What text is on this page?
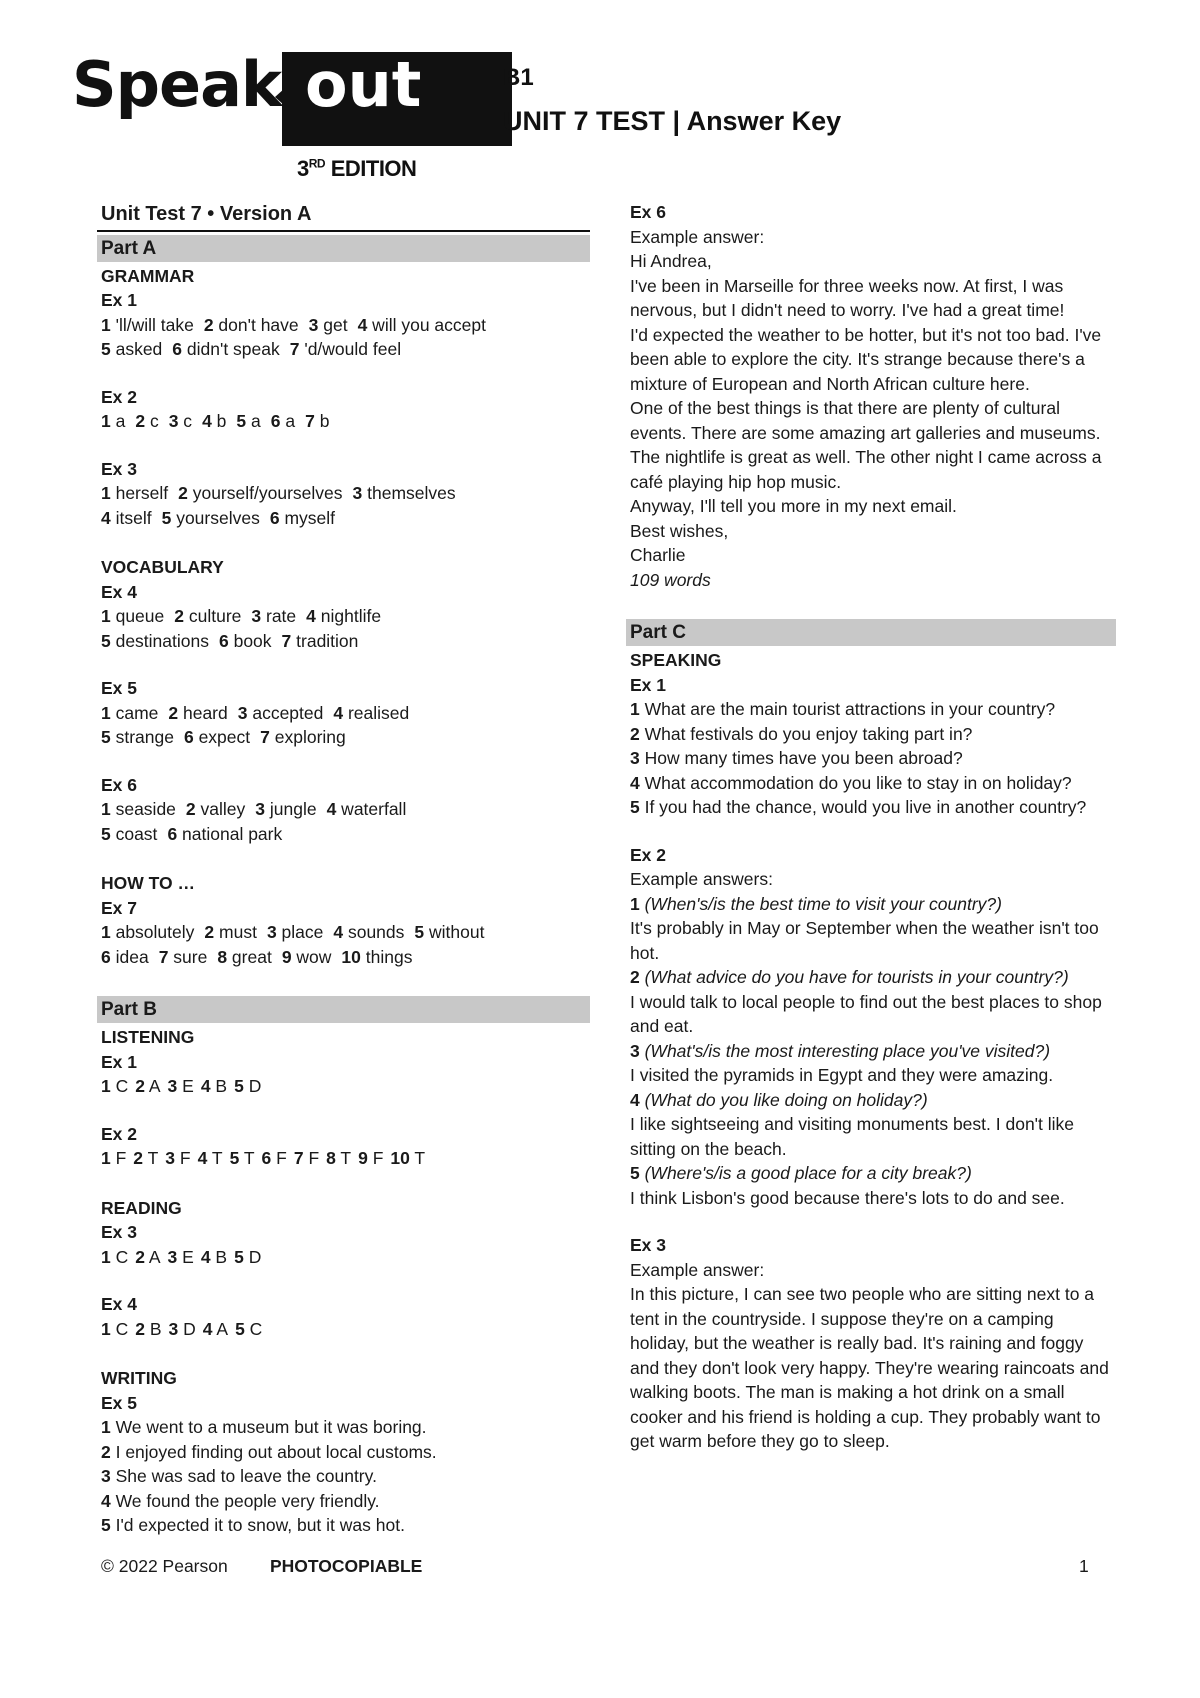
Speak out
3RD EDITION
B1
UNIT 7 TEST | Answer Key
Unit Test 7 • Version A
Part A
GRAMMAR
Ex 1
1 'll/will take 2 don't have 3 get 4 will you accept
5 asked 6 didn't speak 7 'd/would feel
Ex 2
1 a 2 c 3 c 4 b 5 a 6 a 7 b
Ex 3
1 herself 2 yourself/yourselves 3 themselves
4 itself 5 yourselves 6 myself
VOCABULARY
Ex 4
1 queue 2 culture 3 rate 4 nightlife
5 destinations 6 book 7 tradition
Ex 5
1 came 2 heard 3 accepted 4 realised
5 strange 6 expect 7 exploring
Ex 6
1 seaside 2 valley 3 jungle 4 waterfall
5 coast 6 national park
HOW TO …
Ex 7
1 absolutely 2 must 3 place 4 sounds 5 without
6 idea 7 sure 8 great 9 wow 10 things
Part B
LISTENING
Ex 1
1 C 2 A 3 E 4 B 5 D
Ex 2
1 F 2 T 3 F 4 T 5 T 6 F 7 F 8 T 9 F 10 T
READING
Ex 3
1 C 2 A 3 E 4 B 5 D
Ex 4
1 C 2 B 3 D 4 A 5 C
WRITING
Ex 5
1 We went to a museum but it was boring.
2 I enjoyed finding out about local customs.
3 She was sad to leave the country.
4 We found the people very friendly.
5 I'd expected it to snow, but it was hot.
Ex 6
Example answer:
Hi Andrea,
I've been in Marseille for three weeks now. At first, I was nervous, but I didn't need to worry. I've had a great time!
I'd expected the weather to be hotter, but it's not too bad. I've been able to explore the city. It's strange because there's a mixture of European and North African culture here.
One of the best things is that there are plenty of cultural events. There are some amazing art galleries and museums. The nightlife is great as well. The other night I came across a café playing hip hop music.
Anyway, I'll tell you more in my next email.
Best wishes,
Charlie
109 words
Part C
SPEAKING
Ex 1
1 What are the main tourist attractions in your country?
2 What festivals do you enjoy taking part in?
3 How many times have you been abroad?
4 What accommodation do you like to stay in on holiday?
5 If you had the chance, would you live in another country?
Ex 2
Example answers:
1 (When's/is the best time to visit your country?)
It's probably in May or September when the weather isn't too hot.
2 (What advice do you have for tourists in your country?)
I would talk to local people to find out the best places to shop and eat.
3 (What's/is the most interesting place you've visited?)
I visited the pyramids in Egypt and they were amazing.
4 (What do you like doing on holiday?)
I like sightseeing and visiting monuments best. I don't like sitting on the beach.
5 (Where's/is a good place for a city break?)
I think Lisbon's good because there's lots to do and see.
Ex 3
Example answer:
In this picture, I can see two people who are sitting next to a tent in the countryside. I suppose they're on a camping holiday, but the weather is really bad. It's raining and foggy and they don't look very happy. They're wearing raincoats and walking boots. The man is making a hot drink on a small cooker and his friend is holding a cup. They probably want to get warm before they go to sleep.
© 2022 Pearson PHOTOCOPIABLE	1
